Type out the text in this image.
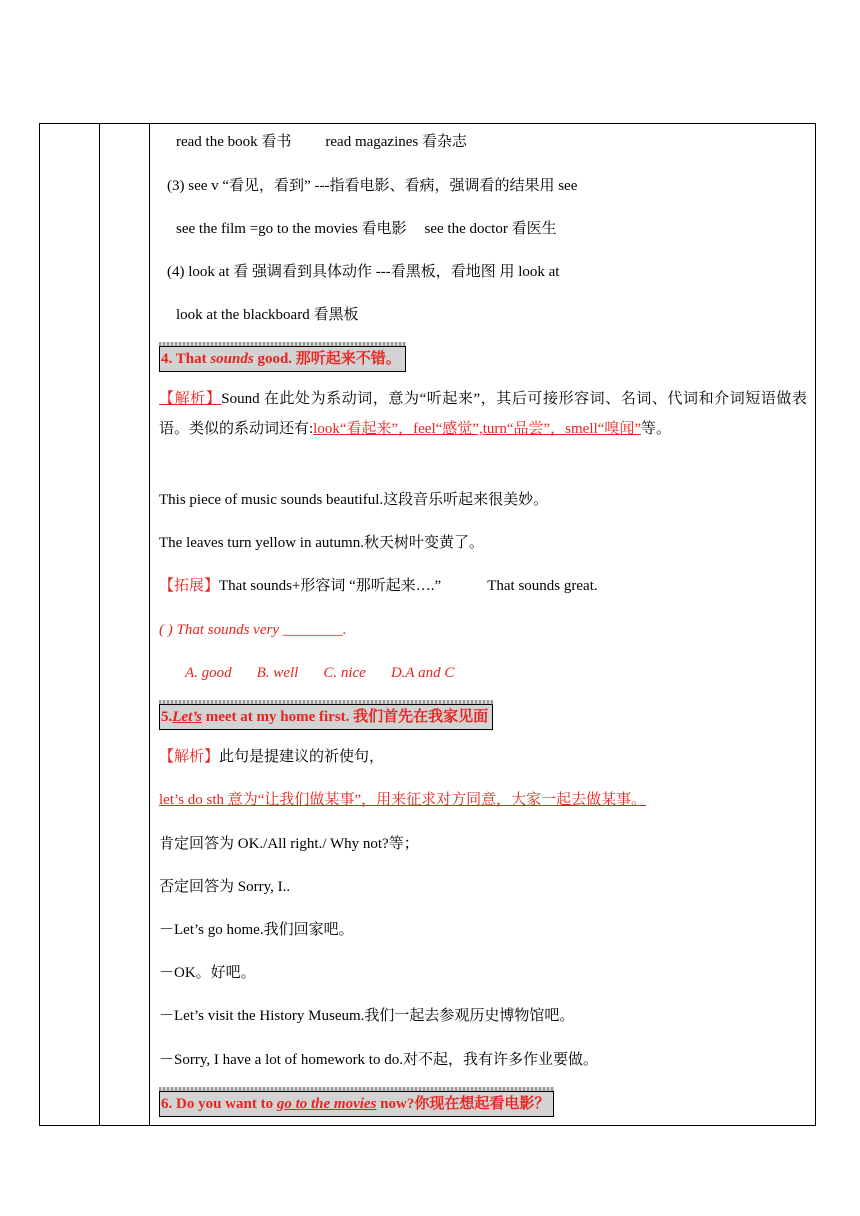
read the book 看书 read magazines 看杂志
(3) see v “看见，看到” ---指看电影、看病，强调看的结果用 see
see the film =go to the movies 看电影 see the doctor 看医生
(4) look at 看 强调看到具体动作 ---看黑板，看地图 用 look at
look at the blackboard 看黑板
4. That sounds good. 那听起来不错。
【解析】Sound 在此处为系动词，意为“听起来”，其后可接形容词、名词、代词和介词短语做表语。类似的系动词还有:look“看起来”，feel“感觉”,turn“品尝”，smell“嗅闻”等。
This piece of music sounds beautiful.这段音乐听起来很美妙。
The leaves turn yellow in autumn.秋天树叶变黄了。
【拓展】That sounds+形容词 “那听起来….”	That sounds great.
( ) That sounds very ________.
A. good B. well C. nice D.A and C
5.Let’s meet at my home first. 我们首先在我家见面
【解析】此句是提建议的祈使句，
let’s do sth 意为“让我们做某事”，用来征求对方同意，大家一起去做某事。
肯定回答为 OK./All right./ Why not?等；
否定回答为 Sorry, I..
－Let’s go home.我们回家吧。
－OK。好吧。
－Let’s visit the History Museum.我们一起去参观历史博物馆吧。
－Sorry, I have a lot of homework to do.对不起，我有许多作业要做。
6. Do you want to go to the movies now?你现在想起看电影？
